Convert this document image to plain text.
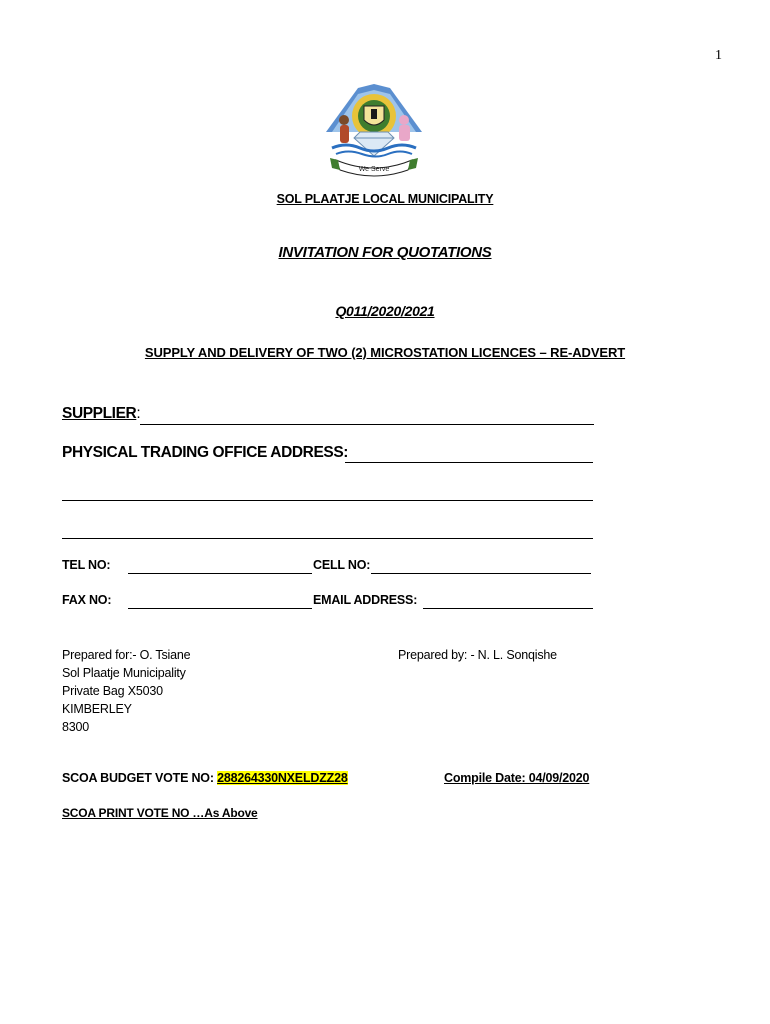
1
We Serve
SOL PLAATJE LOCAL MUNICIPALITY
INVITATION FOR QUOTATIONS
Q011/2020/2021
SUPPLY AND DELIVERY OF TWO (2) MICROSTATION LICENCES – RE-ADVERT
SUPPLIER:
PHYSICAL TRADING OFFICE ADDRESS:
TEL NO:	CELL NO:
FAX NO:	EMAIL ADDRESS:
Prepared for:- O. Tsiane
Sol Plaatje Municipality
Private Bag X5030
KIMBERLEY
8300
Prepared by: - N. L. Sonqishe
SCOA BUDGET VOTE NO: 288264330NXELDZZ28	Compile Date: 04/09/2020
SCOA PRINT VOTE NO …As Above
